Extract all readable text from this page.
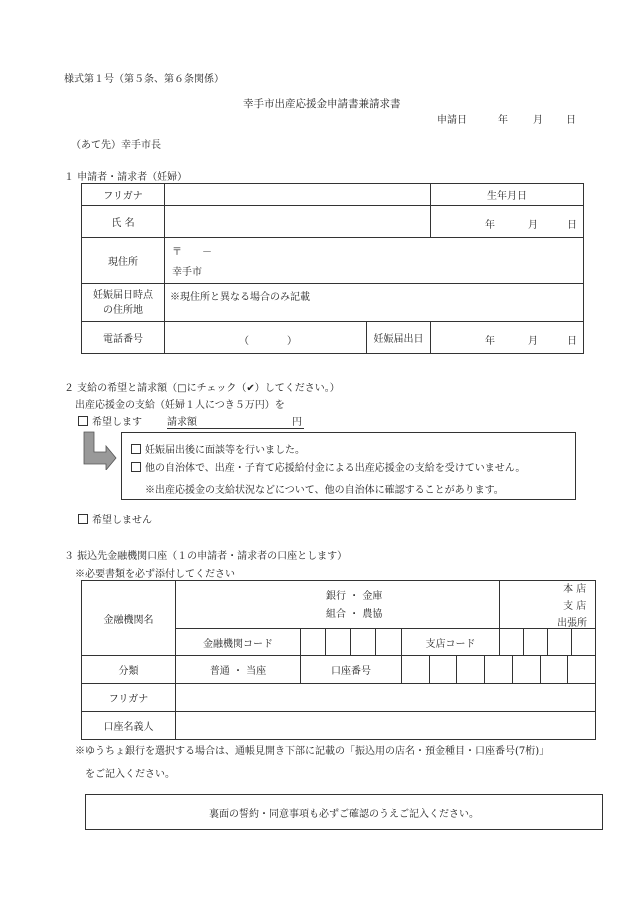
様式第１号（第５条、第６条関係）
幸手市出産応援金申請書兼請求書
申請日	年	月 日
（あて先）幸手市長
１ 申請者・請求者（妊婦）
フリガナ			生年月日
氏 名			年 月 日

現住所	〒 －
幸手市		

妊娠届日時点
の住所地	※現住所と異なる場合のみ記載		

電話番号	（ ）	妊娠届出日	年 月 日
２ 支給の希望と請求額（□にチェック（✔）してください。）
出産応援金の支給（妊婦１人につき５万円）を
希望します	請求額	円
妊娠届出後に面談等を行いました。
他の自治体で、出産・子育て応援給付金による出産応援金の支給を受けていません。
※出産応援金の支給状況などについて、他の自治体に確認することがあります。
希望しません
３ 振込先金融機関口座（１の申請者・請求者の口座とします）
※必要書類を必ず添付してください
金融機関名	銀行 ・ 金庫
組合 ・ 農協						本 店
支 店
出張所			

	金融機関コード					支店コード				
分類	普通 ・ 当座	口座番号								

フリガナ										
口座名義人										
※ゆうちょ銀行を選択する場合は、通帳見開き下部に記載の「振込用の店名・預金種目・口座番号(7桁)」
をご記入ください。
裏面の誓約・同意事項も必ずご確認のうえご記入ください。
